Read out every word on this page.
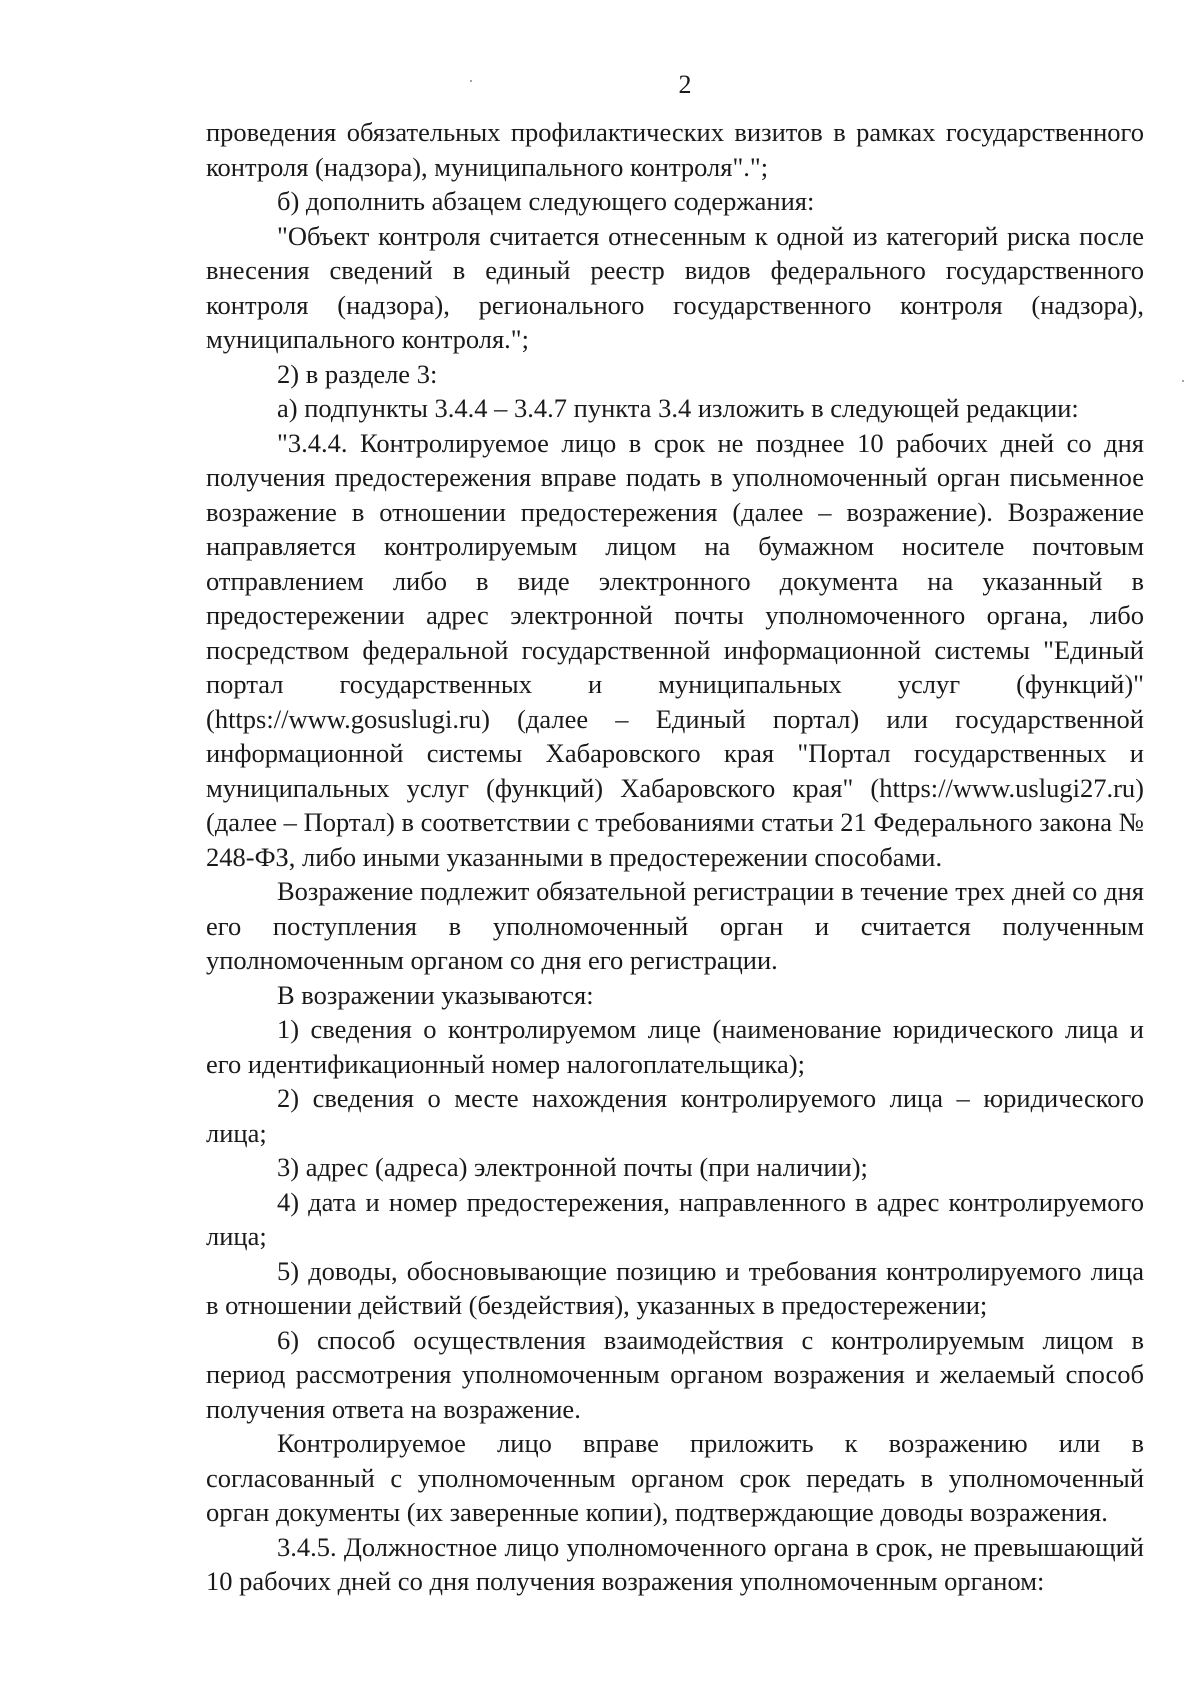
2

проведения обязательных профилактических визитов в рамках государственного контроля (надзора), муниципального контроля".";

б) дополнить абзацем следующего содержания:

"Объект контроля считается отнесенным к одной из категорий риска после внесения сведений в единый реестр видов федерального государственного контроля (надзора), регионального государственного контроля (надзора), муниципального контроля.";

2) в разделе 3:

а) подпункты 3.4.4 – 3.4.7 пункта 3.4 изложить в следующей редакции:

"3.4.4. Контролируемое лицо в срок не позднее 10 рабочих дней со дня получения предостережения вправе подать в уполномоченный орган письменное возражение в отношении предостережения (далее – возражение). Возражение направляется контролируемым лицом на бумажном носителе почтовым отправлением либо в виде электронного документа на указанный в предостережении адрес электронной почты уполномоченного органа, либо посредством федеральной государственной информационной системы "Единый портал государственных и муниципальных услуг (функций)" (https://www.gosuslugi.ru) (далее – Единый портал) или государственной информационной системы Хабаровского края "Портал государственных и муниципальных услуг (функций) Хабаровского края" (https://www.uslugi27.ru) (далее – Портал) в соответствии с требованиями статьи 21 Федерального закона № 248-ФЗ, либо иными указанными в предостережении способами.

Возражение подлежит обязательной регистрации в течение трех дней со дня его поступления в уполномоченный орган и считается полученным уполномоченным органом со дня его регистрации.

В возражении указываются:

1) сведения о контролируемом лице (наименование юридического лица и его идентификационный номер налогоплательщика);

2) сведения о месте нахождения контролируемого лица – юридического лица;

3) адрес (адреса) электронной почты (при наличии);

4) дата и номер предостережения, направленного в адрес контролируемого лица;

5) доводы, обосновывающие позицию и требования контролируемого лица в отношении действий (бездействия), указанных в предостережении;

6) способ осуществления взаимодействия с контролируемым лицом в период рассмотрения уполномоченным органом возражения и желаемый способ получения ответа на возражение.

Контролируемое лицо вправе приложить к возражению или в согласованный с уполномоченным органом срок передать в уполномоченный орган документы (их заверенные копии), подтверждающие доводы возражения.

3.4.5. Должностное лицо уполномоченного органа в срок, не превышающий 10 рабочих дней со дня получения возражения уполномоченным органом:
